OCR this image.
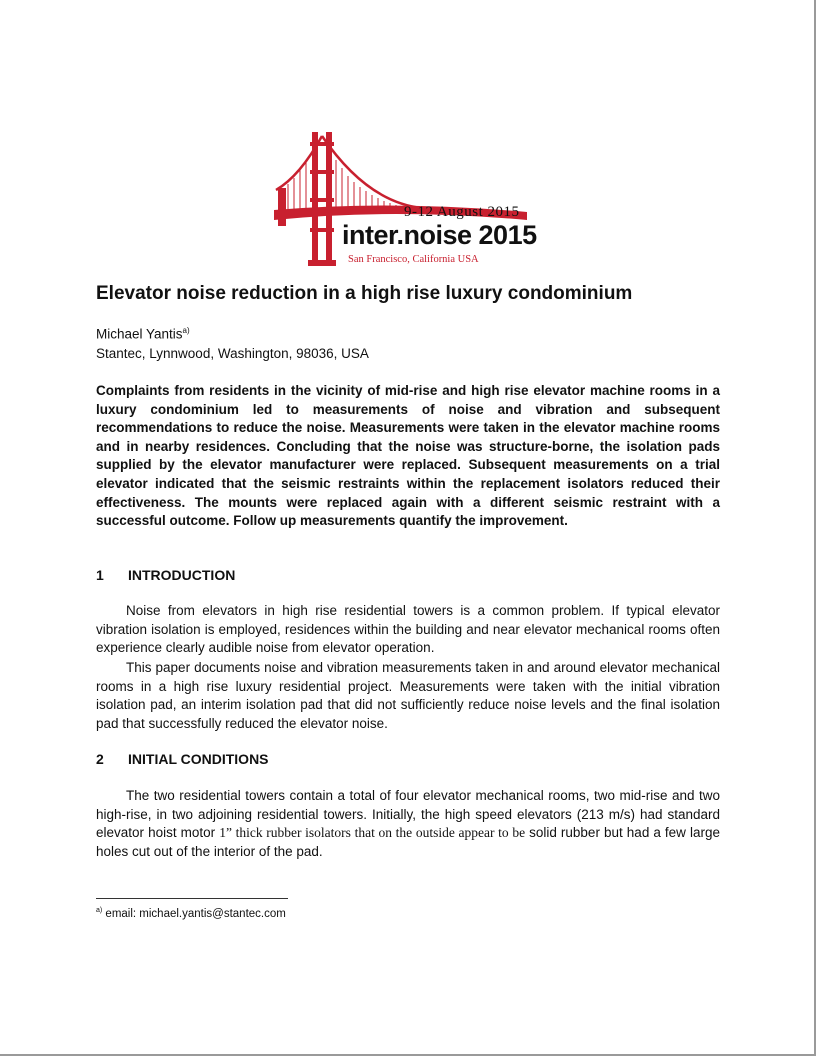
9-12 August 2015

inter.noise 2015

San Francisco, California USA

Elevator noise reduction in a high rise luxury condominium

Michael Yantis$^{a)}$

Stantec, Lynnwood, Washington, 98036, USA

Complaints from residents in the vicinity of mid-rise and high rise elevator machine rooms in a luxury condominium led to measurements of noise and vibration and subsequent recommendations to reduce the noise. Measurements were taken in the elevator machine rooms and in nearby residences. Concluding that the noise was structure-borne, the isolation pads supplied by the elevator manufacturer were replaced. Subsequent measurements on a trial elevator indicated that the seismic restraints within the replacement isolators reduced their effectiveness. The mounts were replaced again with a different seismic restraint with a successful outcome. Follow up measurements quantify the improvement.

1	INTRODUCTION

Noise from elevators in high rise residential towers is a common problem. If typical elevator vibration isolation is employed, residences within the building and near elevator mechanical rooms often experience clearly audible noise from elevator operation.

This paper documents noise and vibration measurements taken in and around elevator mechanical rooms in a high rise luxury residential project. Measurements were taken with the initial vibration isolation pad, an interim isolation pad that did not sufficiently reduce noise levels and the final isolation pad that successfully reduced the elevator noise.

2	INITIAL CONDITIONS

The two residential towers contain a total of four elevator mechanical rooms, two mid-rise and two high-rise, in two adjoining residential towers. Initially, the high speed elevators (213 m/s) had standard elevator hoist motor 1” thick rubber isolators that on the outside appear to be solid rubber but had a few large holes cut out of the interior of the pad.

$^{a)}$ email: michael.yantis@stantec.com
